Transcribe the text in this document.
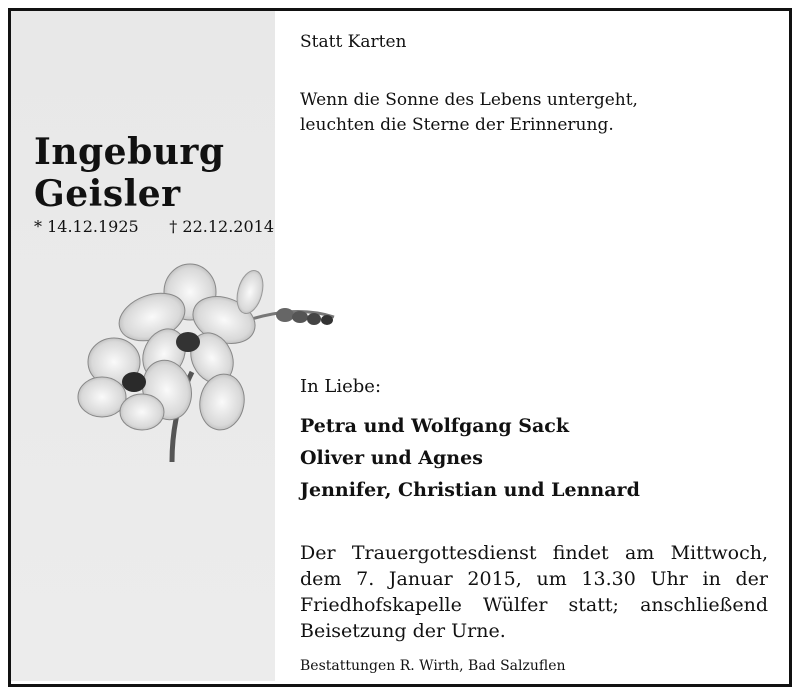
Ingeburg
Geisler
* 14.12.1925 † 22.12.2014
Statt Karten
Wenn die Sonne des Lebens untergeht,
leuchten die Sterne der Erinnerung.
In Liebe:
Petra und Wolfgang Sack
Oliver und Agnes
Jennifer, Christian und Lennard
Der Trauergottesdienst findet am Mittwoch, dem 7. Januar 2015, um 13.30 Uhr in der Friedhofskapelle Wülfer statt; anschließend Beisetzung der Urne.
Bestattungen R. Wirth, Bad Salzuflen
